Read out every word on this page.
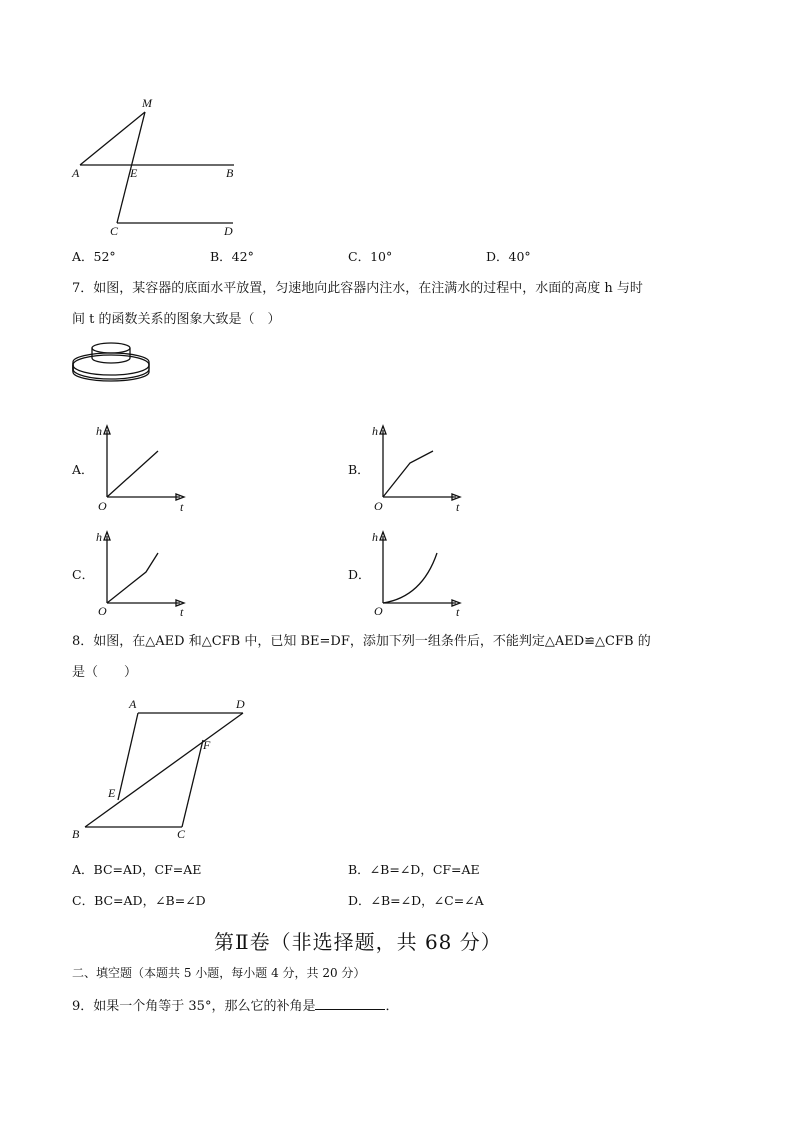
M
A	E	B
C	D
A．52°	B．42°	C．10°	D．40°
7．如图，某容器的底面水平放置，匀速地向此容器内注水，在注满水的过程中，水面的高度 h 与时
间 t 的函数关系的图象大致是（　）
A．
h
t
O
B．
h
t
O
C．
h
t
O
D．
h
t
O
8．如图，在△AED 和△CFB 中，已知 BE=DF，添加下列一组条件后，不能判定△AED≌△CFB 的
是（　　）
A	D
F
E
B	C
A．BC=AD，CF=AE	B．∠B=∠D，CF=AE
C．BC=AD，∠B=∠D	D．∠B=∠D，∠C=∠A
第Ⅱ卷（非选择题，共 68 分）
二、填空题（本题共 5 小题，每小题 4 分，共 20 分）
9．如果一个角等于 35°，那么它的补角是	．
